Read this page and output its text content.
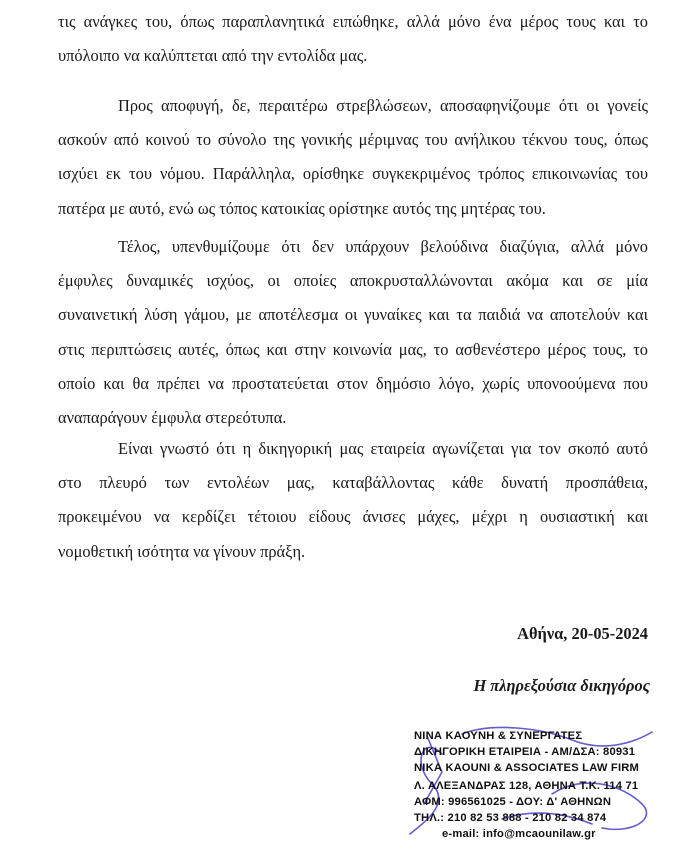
τις ανάγκες του, όπως παραπλανητικά ειπώθηκε, αλλά μόνο ένα μέρος τους και το
υπόλοιπο να καλύπτεται από την εντολίδα μας.
Προς αποφυγή, δε, περαιτέρω στρεβλώσεων, αποσαφηνίζουμε ότι οι γονείς
ασκούν από κοινού το σύνολο της γονικής μέριμνας του ανήλικου τέκνου τους, όπως
ισχύει εκ του νόμου. Παράλληλα, ορίσθηκε συγκεκριμένος τρόπος επικοινωνίας του
πατέρα με αυτό, ενώ ως τόπος κατοικίας ορίστηκε αυτός της μητέρας του.
Τέλος, υπενθυμίζουμε ότι δεν υπάρχουν βελούδινα διαζύγια, αλλά μόνο
έμφυλες δυναμικές ισχύος, οι οποίες αποκρυσταλλώνονται ακόμα και σε μία
συναινετική λύση γάμου, με αποτέλεσμα οι γυναίκες και τα παιδιά να αποτελούν και
στις περιπτώσεις αυτές, όπως και στην κοινωνία μας, το ασθενέστερο μέρος τους, το
οποίο και θα πρέπει να προστατεύεται στον δημόσιο λόγο, χωρίς υπονοούμενα που
αναπαράγουν έμφυλα στερεότυπα.
Είναι γνωστό ότι η δικηγορική μας εταιρεία αγωνίζεται για τον σκοπό αυτό
στο πλευρό των εντολέων μας, καταβάλλοντας κάθε δυνατή προσπάθεια,
προκειμένου να κερδίζει τέτοιου είδους άνισες μάχες, μέχρι η ουσιαστική και
νομοθετική ισότητα να γίνουν πράξη.
Αθήνα, 20-05-2024
Η πληρεξούσια δικηγόρος
ΝΙΝΑ ΚΑΟΥΝΗ & ΣΥΝΕΡΓΑΤΕΣ
ΔΙΚΗΓΟΡΙΚΗ ΕΤΑΙΡΕΙΑ - ΑΜ/ΔΣΑ: 80931
ΝΙΚΑ ΚΑΟUNI & ASSOCIATES LAW FIRM
Λ. ΑΛΕΞΑΝΔΡΑΣ 128, ΑΘΗΝΑ Τ.Κ. 114 71
ΑΦΜ: 996561025 - ΔΟΥ: Δ' ΑΘΗΝΩΝ
ΤΗΛ.: 210 82 53 888 - 210 82 34 874
e-mail: info@mcaounilaw.gr
